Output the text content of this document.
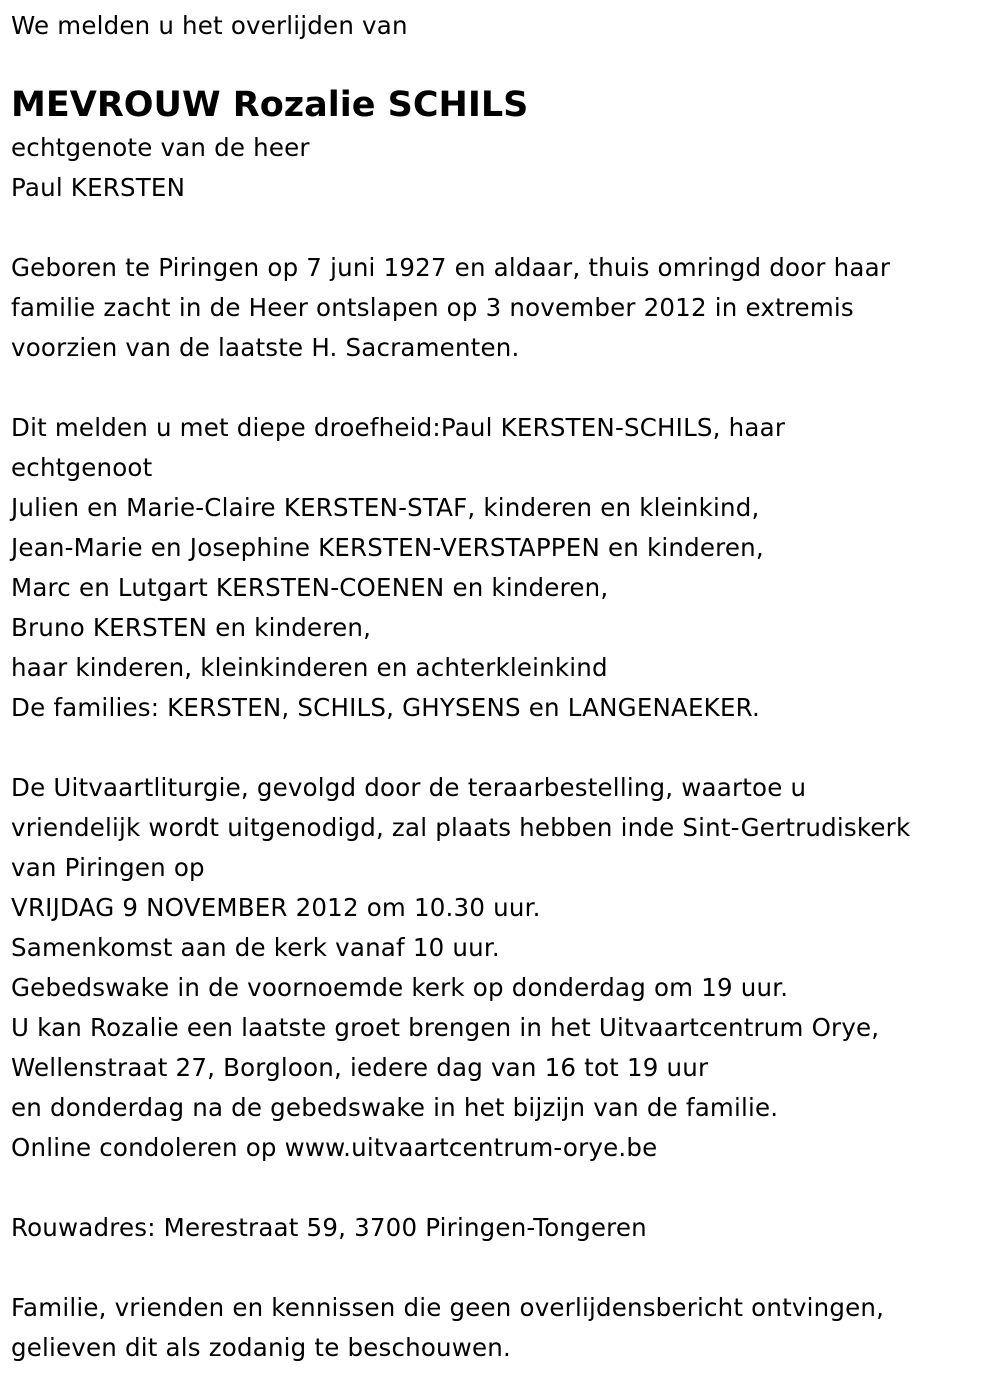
We melden u het overlijden van
MEVROUW Rozalie SCHILS
echtgenote van de heer
Paul KERSTEN
Geboren te Piringen op 7 juni 1927 en aldaar, thuis omringd door haar
familie zacht in de Heer ontslapen op 3 november 2012 in extremis
voorzien van de laatste H. Sacramenten.
Dit melden u met diepe droefheid:Paul KERSTEN-SCHILS, haar
echtgenoot
Julien en Marie-Claire KERSTEN-STAF, kinderen en kleinkind,
Jean-Marie en Josephine KERSTEN-VERSTAPPEN en kinderen,
Marc en Lutgart KERSTEN-COENEN en kinderen,
Bruno KERSTEN en kinderen,
haar kinderen, kleinkinderen en achterkleinkind
De families: KERSTEN, SCHILS, GHYSENS en LANGENAEKER.
De Uitvaartliturgie, gevolgd door de teraarbestelling, waartoe u
vriendelijk wordt uitgenodigd, zal plaats hebben inde Sint-Gertrudiskerk
van Piringen op
VRIJDAG 9 NOVEMBER 2012 om 10.30 uur.
Samenkomst aan de kerk vanaf 10 uur.
Gebedswake in de voornoemde kerk op donderdag om 19 uur.
U kan Rozalie een laatste groet brengen in het Uitvaartcentrum Orye,
Wellenstraat 27, Borgloon, iedere dag van 16 tot 19 uur
en donderdag na de gebedswake in het bijzijn van de familie.
Online condoleren op www.uitvaartcentrum-orye.be
Rouwadres: Merestraat 59, 3700 Piringen-Tongeren
Familie, vrienden en kennissen die geen overlijdensbericht ontvingen,
gelieven dit als zodanig te beschouwen.
